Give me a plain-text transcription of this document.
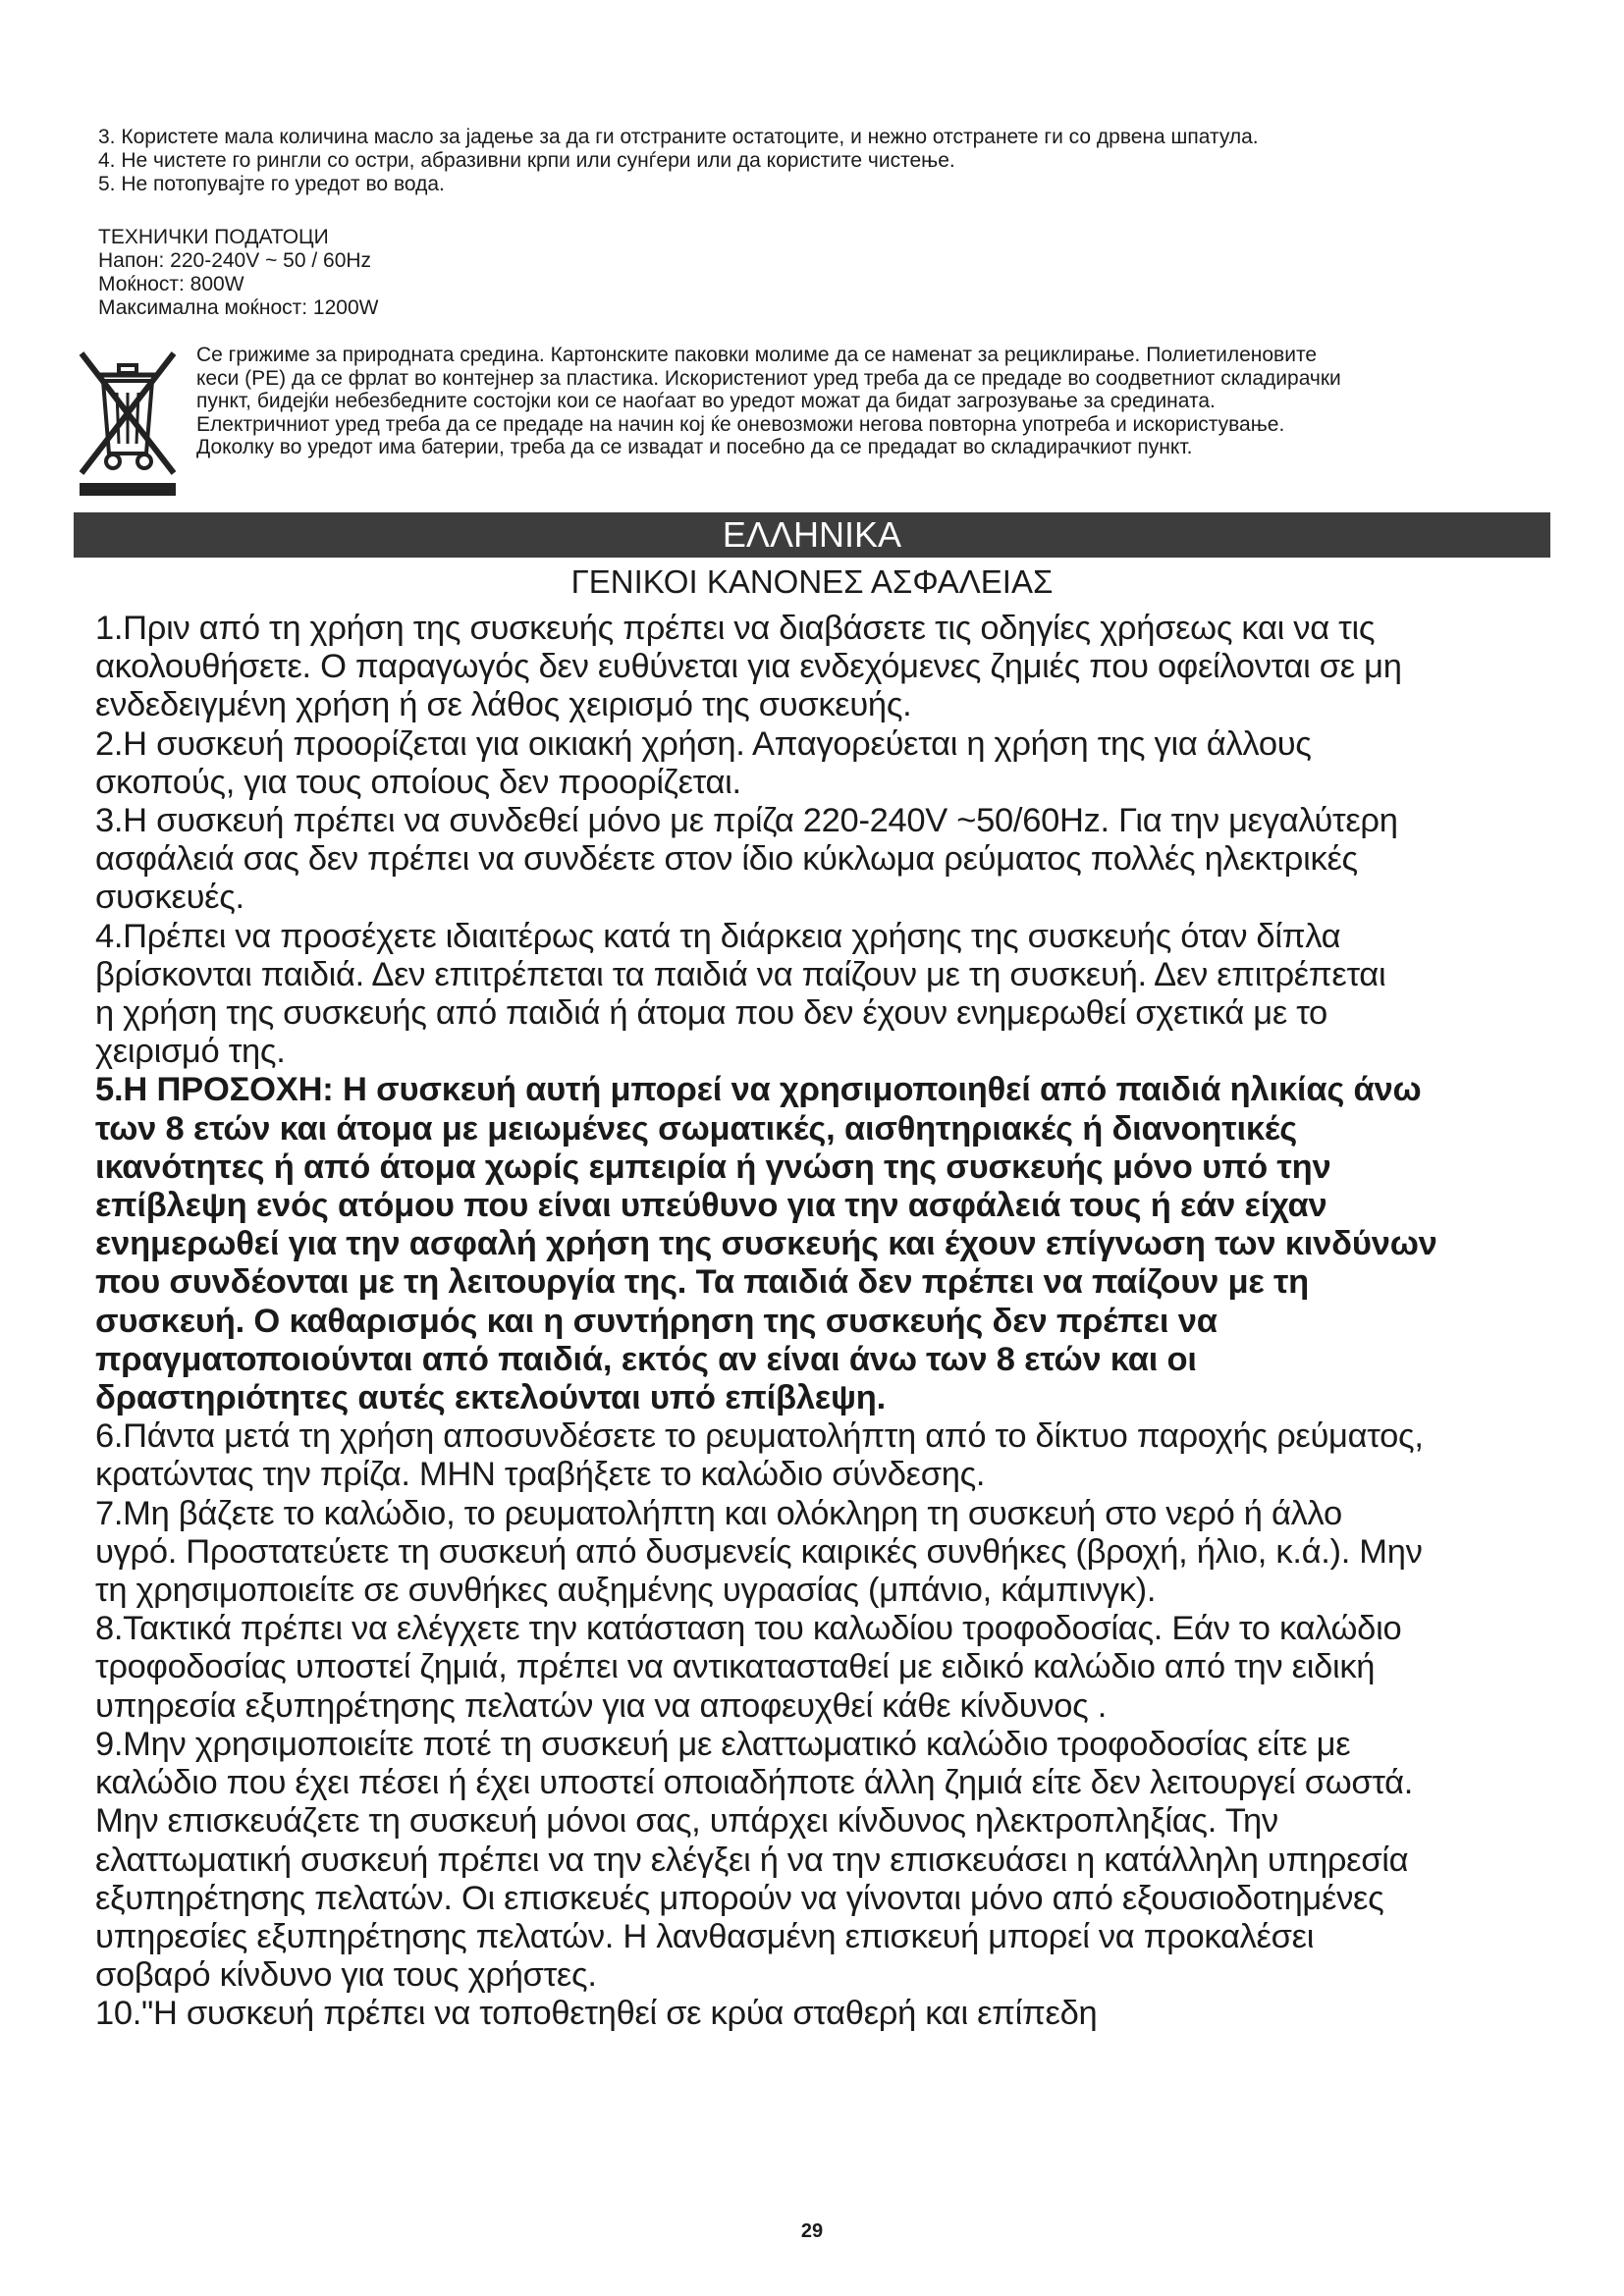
3. Користете мала количина масло за јадење за да ги отстраните остатоците, и нежно отстранете ги со дрвена шпатула.

4. Не чистете го рингли со остри, абразивни крпи или сунѓери или да користите чистење.

5. Не потопувајте го уредот во вода.

ТЕХНИЧКИ ПОДАТОЦИ

Напон: 220-240V ~ 50 / 60Hz

Моќност: 800W

Максимална моќност: 1200W

Се грижиме за природната средина. Картонските паковки молиме да се наменат за рециклирање. Полиетиленовите

кеси (PE) да се фрлат во контејнер за пластика. Искористениот уред треба да се предаде во соодветниот складирачки

пункт, бидејќи небезбедните состојки кои се наоѓаат во уредот можат да бидат загрозување за средината.

Електричниот уред треба да се предаде на начин кој ќе оневозможи негова повторна употреба и искористување.

Доколку во уредот има батерии, треба да се извадат и посебно да се предадат во складирачкиот пункт.

ΕΛΛΗΝΙΚΑ
ΓΕΝΙΚΟΙ ΚΑΝΟΝΕΣ ΑΣΦΑΛΕΙΑΣ

1.Πριν από τη χρήση της συσκευής πρέπει να διαβάσετε τις οδηγίες χρήσεως και να τις

ακολουθήσετε. Ο παραγωγός δεν ευθύνεται για ενδεχόμενες ζημιές που οφείλονται σε μη

ενδεδειγμένη χρήση ή σε λάθος χειρισμό της συσκευής.

2.Η συσκευή προορίζεται για οικιακή χρήση. Απαγορεύεται η χρήση της για άλλους

σκοπούς, για τους οποίους δεν προορίζεται.

3.Η συσκευή πρέπει να συνδεθεί μόνο με πρίζα 220-240V ~50/60Hz. Για την μεγαλύτερη

ασφάλειά σας δεν πρέπει να συνδέετε στον ίδιο κύκλωμα ρεύματος πολλές ηλεκτρικές

συσκευές.

4.Πρέπει να προσέχετε ιδιαιτέρως κατά τη διάρκεια χρήσης της συσκευής όταν δίπλα

βρίσκονται παιδιά. Δεν επιτρέπεται τα παιδιά να παίζουν με τη συσκευή. Δεν επιτρέπεται

η χρήση της συσκευής από παιδιά ή άτομα που δεν έχουν ενημερωθεί σχετικά με το

χειρισμό της.

5.Η ΠΡΟΣΟΧΗ: Η συσκευή αυτή μπορεί να χρησιμοποιηθεί από παιδιά ηλικίας άνω

των 8 ετών και άτομα με μειωμένες σωματικές, αισθητηριακές ή διανοητικές

ικανότητες ή από άτομα χωρίς εμπειρία ή γνώση της συσκευής μόνο υπό την

επίβλεψη ενός ατόμου που είναι υπεύθυνο για την ασφάλειά τους ή εάν είχαν

ενημερωθεί για την ασφαλή χρήση της συσκευής και έχουν επίγνωση των κινδύνων

που συνδέονται με τη λειτουργία της. Τα παιδιά δεν πρέπει να παίζουν με τη

συσκευή. Ο καθαρισμός και η συντήρηση της συσκευής δεν πρέπει να

πραγματοποιούνται από παιδιά, εκτός αν είναι άνω των 8 ετών και οι

δραστηριότητες αυτές εκτελούνται υπό επίβλεψη.

6.Πάντα μετά τη χρήση αποσυνδέσετε το ρευματολήπτη από το δίκτυο παροχής ρεύματος,

κρατώντας την πρίζα. ΜΗΝ τραβήξετε το καλώδιο σύνδεσης.

7.Μη βάζετε το καλώδιο, το ρευματολήπτη και ολόκληρη τη συσκευή στο νερό ή άλλο

υγρό. Προστατεύετε τη συσκευή από δυσμενείς καιρικές συνθήκες (βροχή, ήλιο, κ.ά.). Μην

τη χρησιμοποιείτε σε συνθήκες αυξημένης υγρασίας (μπάνιο, κάμπινγκ).

8.Τακτικά πρέπει να ελέγχετε την κατάσταση του καλωδίου τροφοδοσίας. Εάν το καλώδιο

τροφοδοσίας υποστεί ζημιά, πρέπει να αντικατασταθεί με ειδικό καλώδιο από την ειδική

υπηρεσία εξυπηρέτησης πελατών για να αποφευχθεί κάθε κίνδυνος .

9.Μην χρησιμοποιείτε ποτέ τη συσκευή με ελαττωματικό καλώδιο τροφοδοσίας είτε με

καλώδιο που έχει πέσει ή έχει υποστεί οποιαδήποτε άλλη ζημιά είτε δεν λειτουργεί σωστά.

Μην επισκευάζετε τη συσκευή μόνοι σας, υπάρχει κίνδυνος ηλεκτροπληξίας. Την

ελαττωματική συσκευή πρέπει να την ελέγξει ή να την επισκευάσει η κατάλληλη υπηρεσία

εξυπηρέτησης πελατών. Οι επισκευές μπορούν να γίνονται μόνο από εξουσιοδοτημένες

υπηρεσίες εξυπηρέτησης πελατών. Η λανθασμένη επισκευή μπορεί να προκαλέσει

σοβαρό κίνδυνο για τους χρήστες.

10."Η συσκευή πρέπει να τοποθετηθεί σε κρύα σταθερή και επίπεδη

29
